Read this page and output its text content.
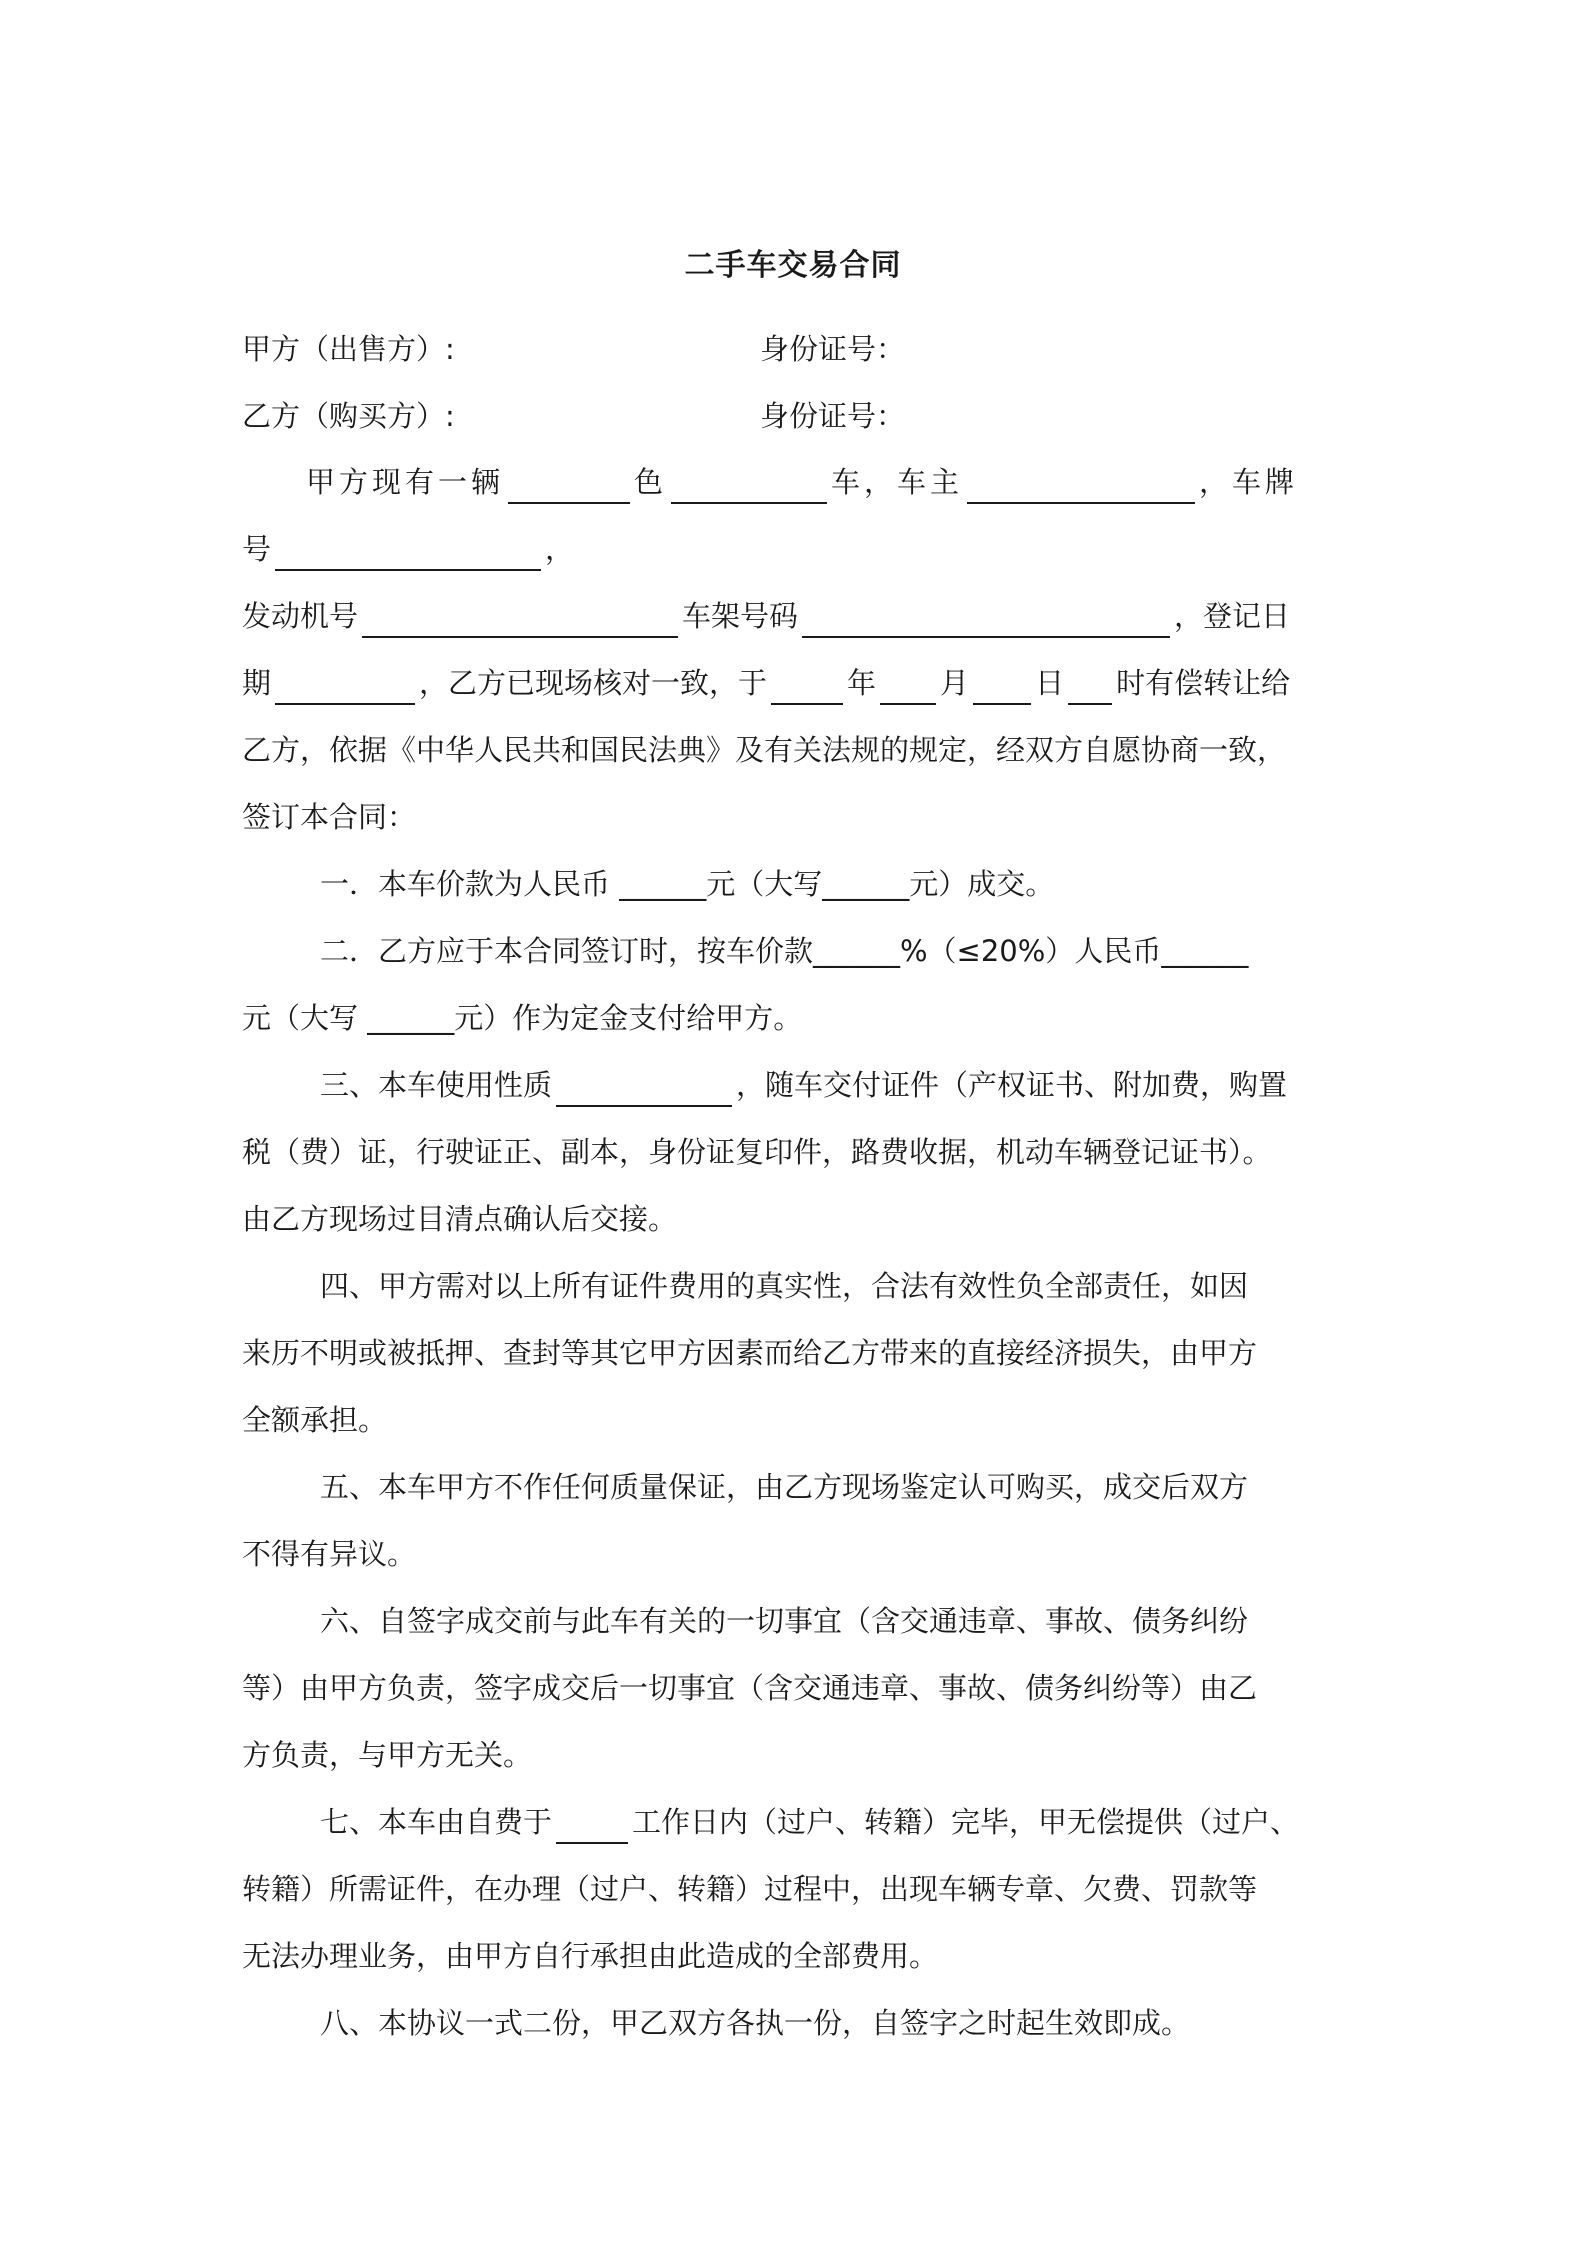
二手车交易合同
甲方（出售方）:	身份证号：
乙方（购买方）:	身份证号：
甲方现有一辆	色	车，车主	，车牌
号	，
发动机号	车架号码	，登记日
期	，乙方已现场核对一致，于	年 月 日 时有偿转让给
乙方，依据《中华人民共和国民法典》及有关法规的规定，经双方自愿协商一致，
签订本合同：
一．本车价款为人民币 ______元（大写______元）成交。
二．乙方应于本合同签订时，按车价款______%（≤20%）人民币______
元（大写 ______元）作为定金支付给甲方。
三、本车使用性质	，随车交付证件（产权证书、附加费，购置
税（费）证，行驶证正、副本，身份证复印件，路费收据，机动车辆登记证书）。
由乙方现场过目清点确认后交接。
四、甲方需对以上所有证件费用的真实性，合法有效性负全部责任，如因
来历不明或被抵押、查封等其它甲方因素而给乙方带来的直接经济损失，由甲方
全额承担。
五、本车甲方不作任何质量保证，由乙方现场鉴定认可购买，成交后双方
不得有异议。
六、自签字成交前与此车有关的一切事宜（含交通违章、事故、债务纠纷
等）由甲方负责，签字成交后一切事宜（含交通违章、事故、债务纠纷等）由乙
方负责，与甲方无关。
七、本车由自费于	工作日内（过户、转籍）完毕，甲无偿提供（过户、
转籍）所需证件，在办理（过户、转籍）过程中，出现车辆专章、欠费、罚款等
无法办理业务，由甲方自行承担由此造成的全部费用。
八、本协议一式二份，甲乙双方各执一份，自签字之时起生效即成。
